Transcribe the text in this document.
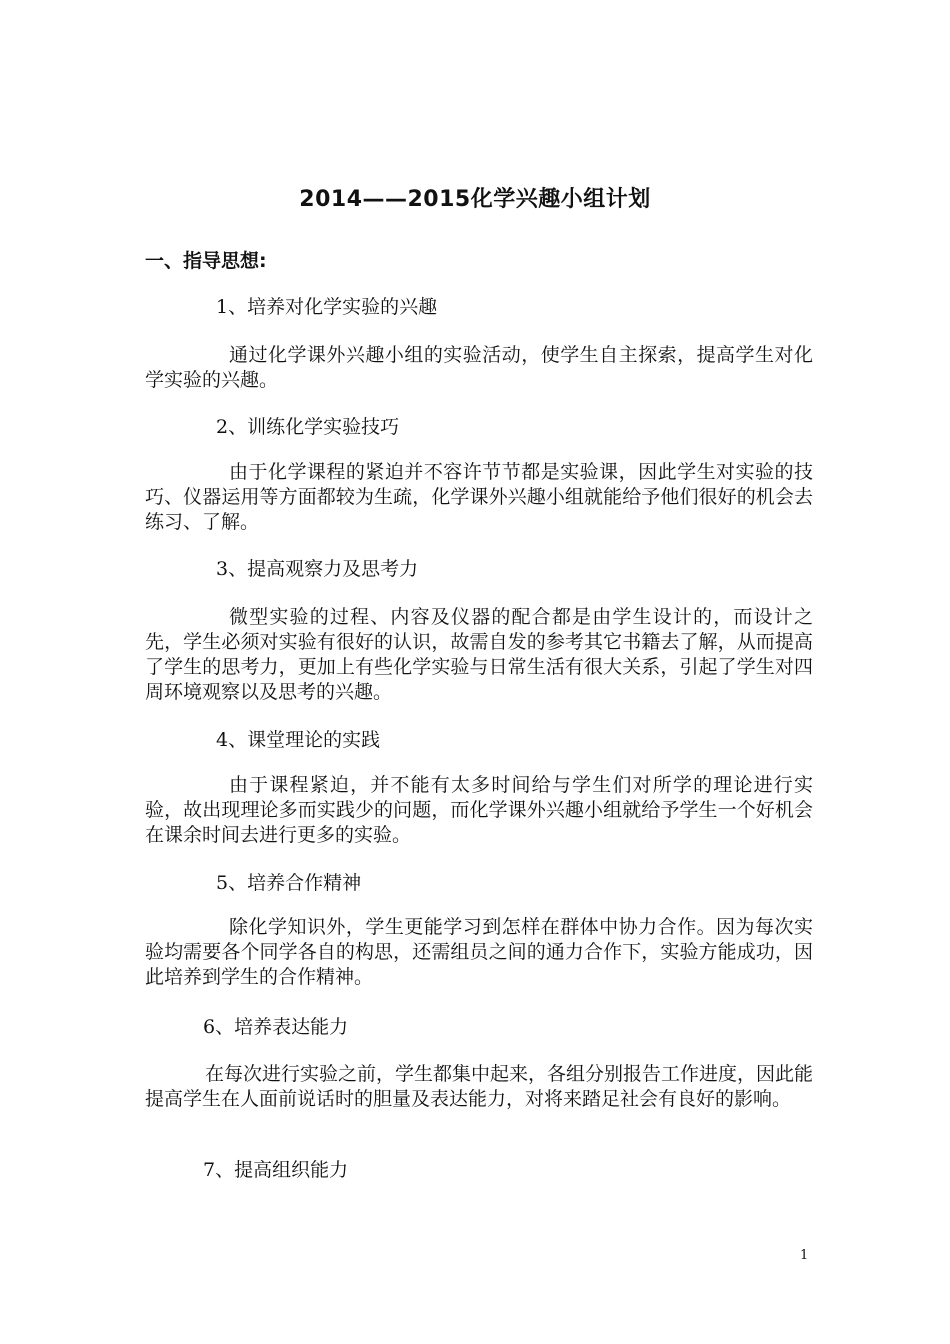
2014——2015化学兴趣小组计划
一、指导思想:
1、培养对化学实验的兴趣
通过化学课外兴趣小组的实验活动，使学生自主探索，提高学生对化学实验的兴趣。
2、训练化学实验技巧
由于化学课程的紧迫并不容许节节都是实验课，因此学生对实验的技巧、仪器运用等方面都较为生疏，化学课外兴趣小组就能给予他们很好的机会去练习、了解。
3、提高观察力及思考力
微型实验的过程、内容及仪器的配合都是由学生设计的，而设计之先，学生必须对实验有很好的认识，故需自发的参考其它书籍去了解，从而提高了学生的思考力，更加上有些化学实验与日常生活有很大关系，引起了学生对四周环境观察以及思考的兴趣。
4、课堂理论的实践
由于课程紧迫，并不能有太多时间给与学生们对所学的理论进行实验，故出现理论多而实践少的问题，而化学课外兴趣小组就给予学生一个好机会在课余时间去进行更多的实验。
5、培养合作精神
除化学知识外，学生更能学习到怎样在群体中协力合作。因为每次实验均需要各个同学各自的构思，还需组员之间的通力合作下，实验方能成功，因此培养到学生的合作精神。
6、培养表达能力
在每次进行实验之前，学生都集中起来，各组分别报告工作进度，因此能提高学生在人面前说话时的胆量及表达能力，对将来踏足社会有良好的影响。
7、提高组织能力
1
